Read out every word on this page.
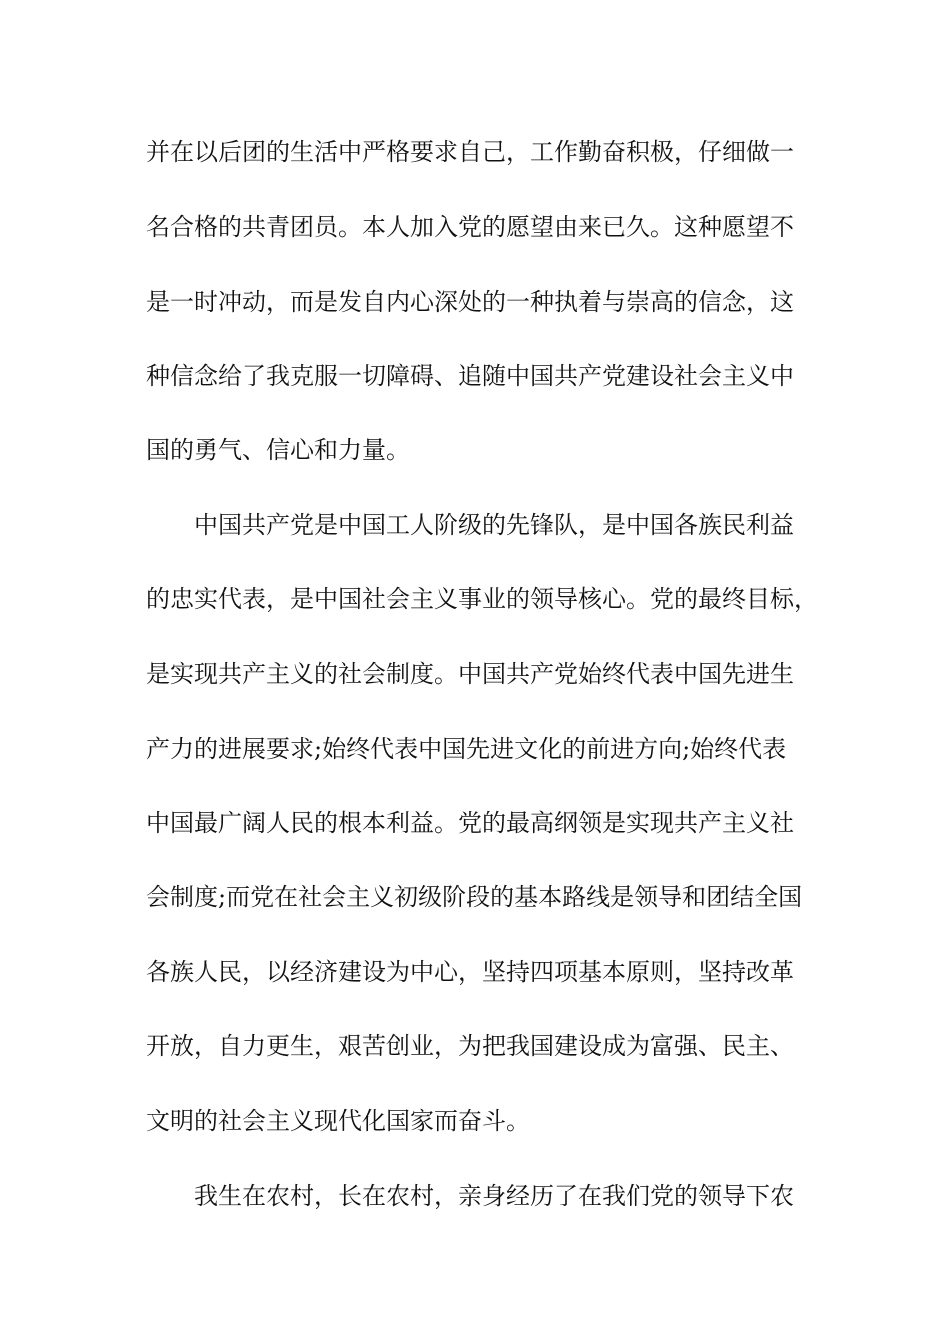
并在以后团的生活中严格要求自己，工作勤奋积极，仔细做一
名合格的共青团员。本人加入党的愿望由来已久。这种愿望不
是一时冲动，而是发自内心深处的一种执着与崇高的信念，这
种信念给了我克服一切障碍、追随中国共产党建设社会主义中
国的勇气、信心和力量。
中国共产党是中国工人阶级的先锋队，是中国各族民利益
的忠实代表，是中国社会主义事业的领导核心。党的最终目标，
是实现共产主义的社会制度。中国共产党始终代表中国先进生
产力的进展要求;始终代表中国先进文化的前进方向;始终代表
中国最广阔人民的根本利益。党的最高纲领是实现共产主义社
会制度;而党在社会主义初级阶段的基本路线是领导和团结全国
各族人民，以经济建设为中心，坚持四项基本原则，坚持改革
开放，自力更生，艰苦创业，为把我国建设成为富强、民主、
文明的社会主义现代化国家而奋斗。
我生在农村，长在农村，亲身经历了在我们党的领导下农
